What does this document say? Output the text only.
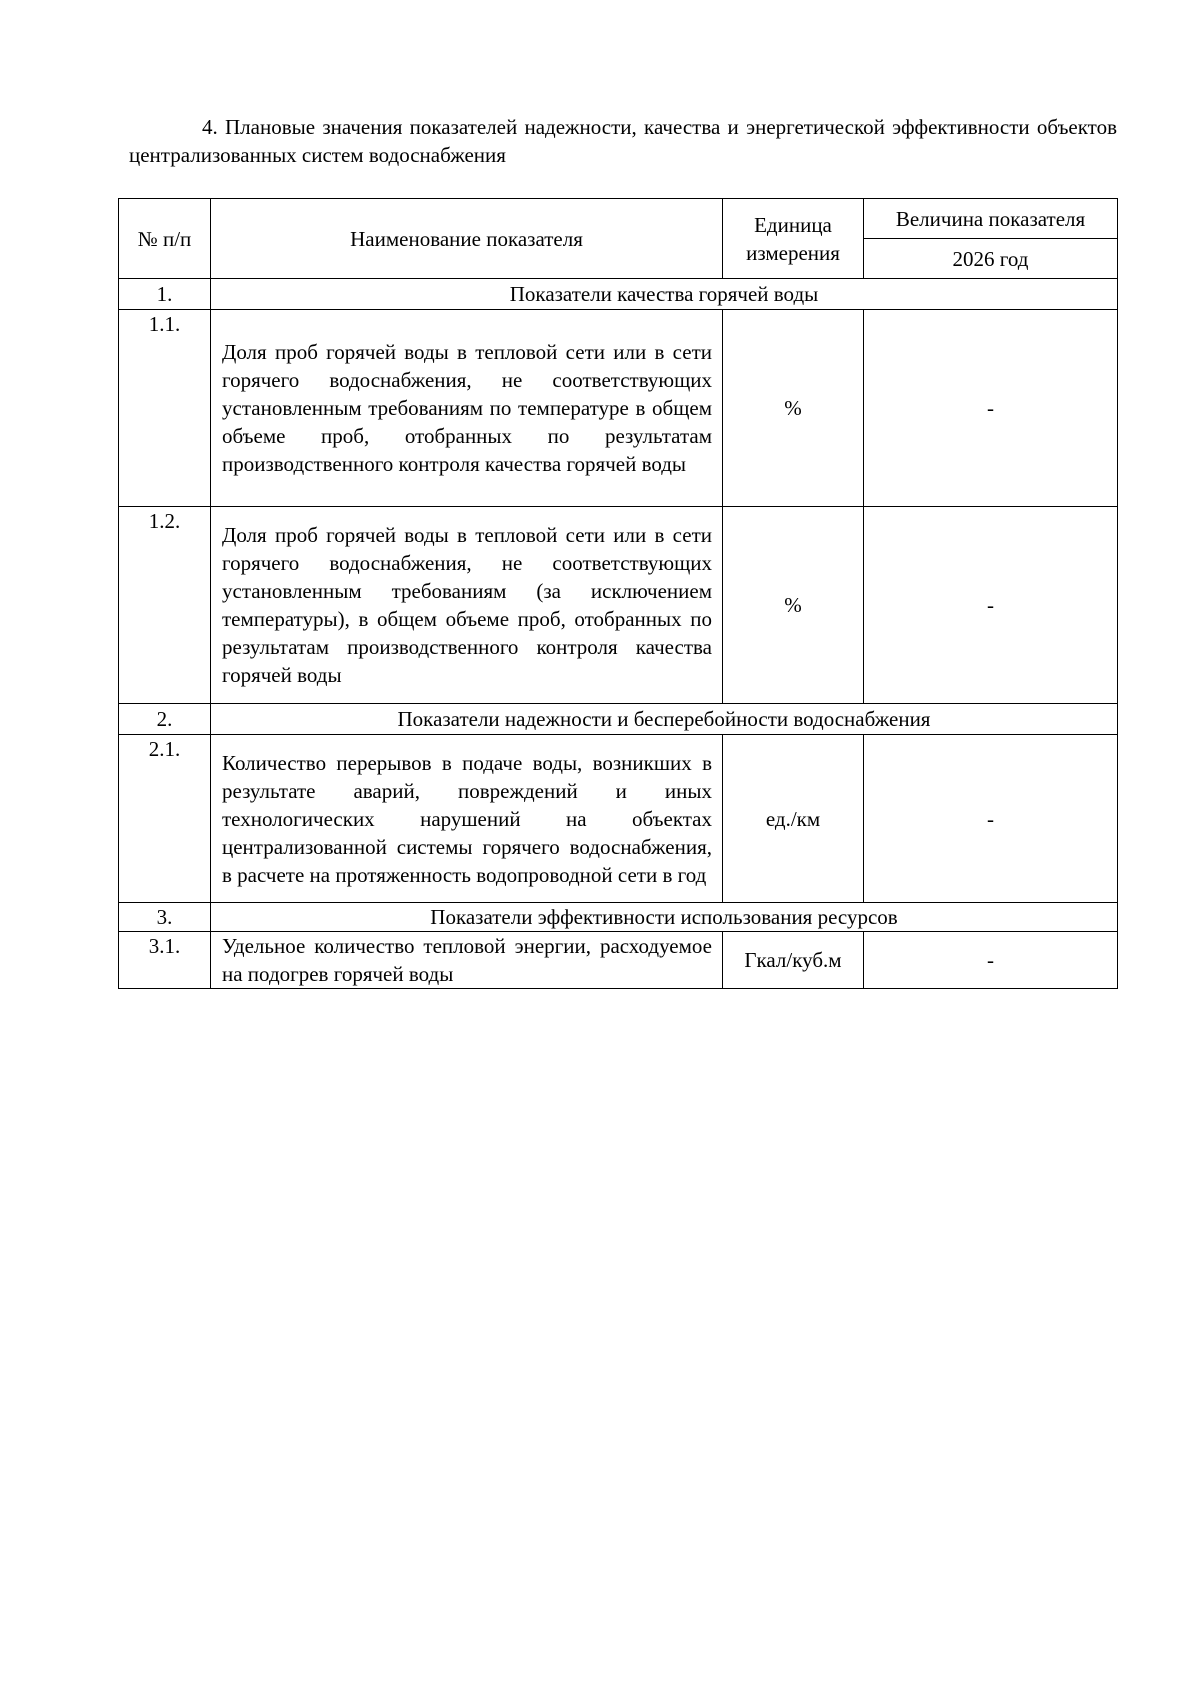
4. Плановые значения показателей надежности, качества и энергетической эффективности объектов централизованных систем водоснабжения
№ п/п	Наименование показателя	Единица измерения	Величина показателя
			2026 год
1.	Показатели качества горячей воды		
1.1.	Доля проб горячей воды в тепловой сети или в сети горячего водоснабжения, не соответствующих установленным требованиям по температуре в общем объеме проб, отобранных по результатам производственного контроля качества горячей воды	%	-
1.2.	Доля проб горячей воды в тепловой сети или в сети горячего водоснабжения, не соответствующих установленным требованиям (за исключением температуры), в общем объеме проб, отобранных по результатам производственного контроля качества горячей воды	%	-
2.	Показатели надежности и бесперебойности водоснабжения		
2.1.	Количество перерывов в подаче воды, возникших в результате аварий, повреждений и иных технологических нарушений на объектах централизованной системы горячего водоснабжения, в расчете на протяженность водопроводной сети в год	ед./км	-
3.	Показатели эффективности использования ресурсов		
3.1.	Удельное количество тепловой энергии, расходуемое на подогрев горячей воды	Гкал/куб.м	-
